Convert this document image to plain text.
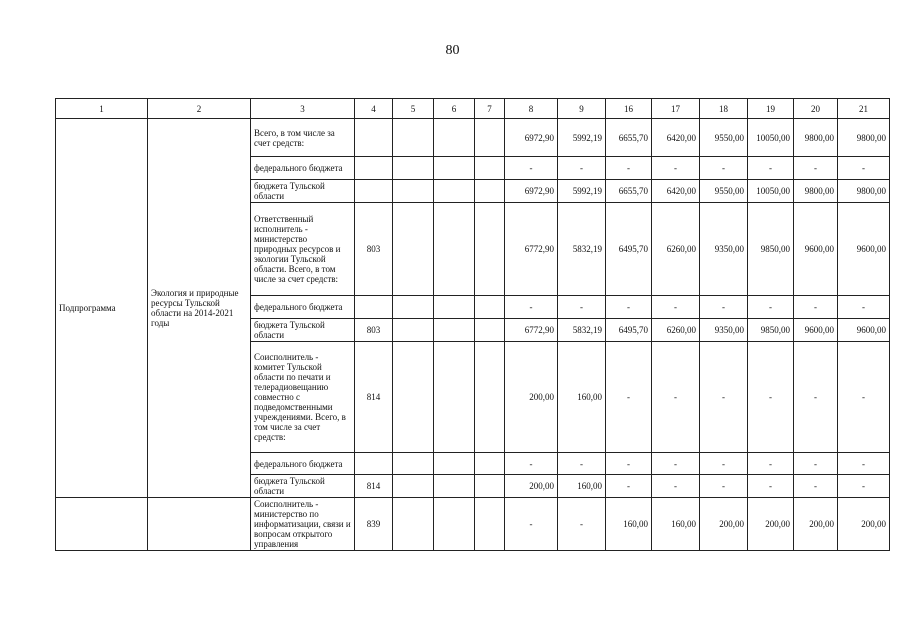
80
1	2	3	4	5	6	7	8	9	16	17	18	19	20	21
Подпрограмма	Экология и природные ресурсы Тульской области на 2014-2021 годы	Всего, в том числе за счет средств:					6972,90	5992,19	6655,70	6420,00	9550,00	10050,00	9800,00	9800,00
		федерального бюджета					-	-	-	-	-	-	-	-
		бюджета Тульской области					6972,90	5992,19	6655,70	6420,00	9550,00	10050,00	9800,00	9800,00
		Ответственный исполнитель - министерство природных ресурсов и экологии Тульской области. Всего, в том числе за счет средств:	803				6772,90	5832,19	6495,70	6260,00	9350,00	9850,00	9600,00	9600,00
		федерального бюджета					-	-	-	-	-	-	-	-
		бюджета Тульской области	803				6772,90	5832,19	6495,70	6260,00	9350,00	9850,00	9600,00	9600,00
		Соисполнитель - комитет Тульской области по печати и телерадиовещанию совместно с подведомственными учреждениями. Всего, в том числе за счет средств:	814				200,00	160,00	-	-	-	-	-	-
		федерального бюджета					-	-	-	-	-	-	-	-
		бюджета Тульской области	814				200,00	160,00	-	-	-	-	-	-
		Соисполнитель - министерство по информатизации, связи и вопросам открытого управления	839				-	-	160,00	160,00	200,00	200,00	200,00	200,00
